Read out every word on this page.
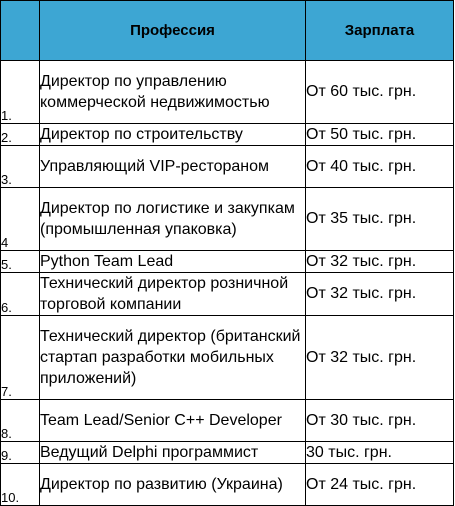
	Профессия	Зарплата
1.	Директор по управлению коммерческой недвижимостью	От 60 тыс. грн.
2.	Директор по строительству	От 50 тыс. грн.
3.	Управляющий VIP-рестораном	От 40 тыс. грн.
4	Директор по логистике и закупкам (промышленная упаковка)	От 35 тыс. грн.
5.	Python Team Lead	От 32 тыс. грн.
6.	Технический директор розничной торговой компании	От 32 тыс. грн.
7.	Технический директор (британский стартап разработки мобильных приложений)	От 32 тыс. грн.
8.	Team Lead/Senior C++ Developer	От 30 тыс. грн.
9.	Ведущий Delphi программист	30 тыс. грн.
10.	Директор по развитию (Украина)	От 24 тыс. грн.
